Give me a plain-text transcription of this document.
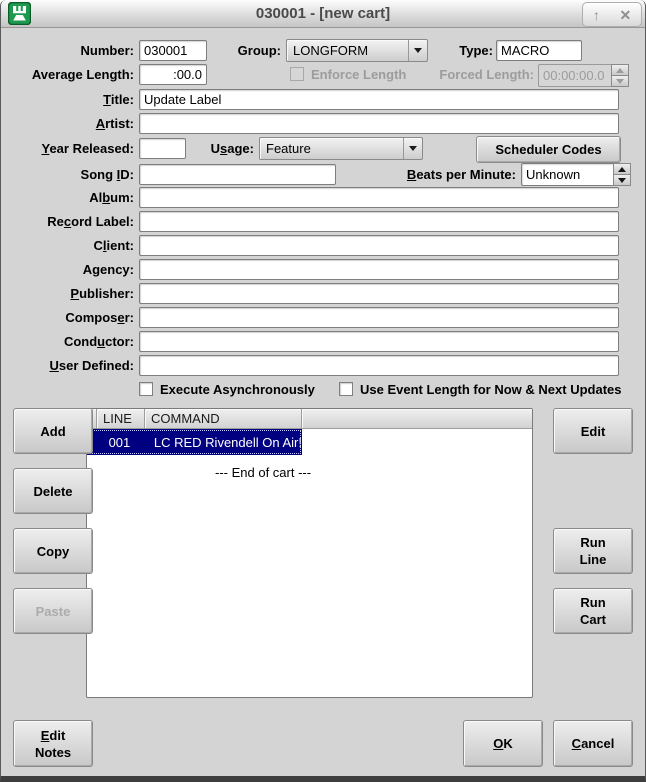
030001 - [new cart]	↑ ✕
Number:
030001	Group: LONGFORM	Type:
MACRO
Average Length:
:00.0	Enforce Length	Forced Length: 00:00:00.0
Title:
Update Label
Artist:
Year Released:	Usage: Feature	Scheduler Codes
Song ID:	Beats per Minute: Unknown
Album:
Record Label:
Client:
Agency:
Publisher:
Composer:
Conductor:
User Defined:
Execute Asynchronously	Use Event Length for Now & Next Updates
LINE	COMMAND
001	LC RED Rivendell On Air!
--- End of cart ---
Add
Delete
Copy
Paste
Edit
Run
Line
Run
Cart
Edit
Notes
OK	Cancel
